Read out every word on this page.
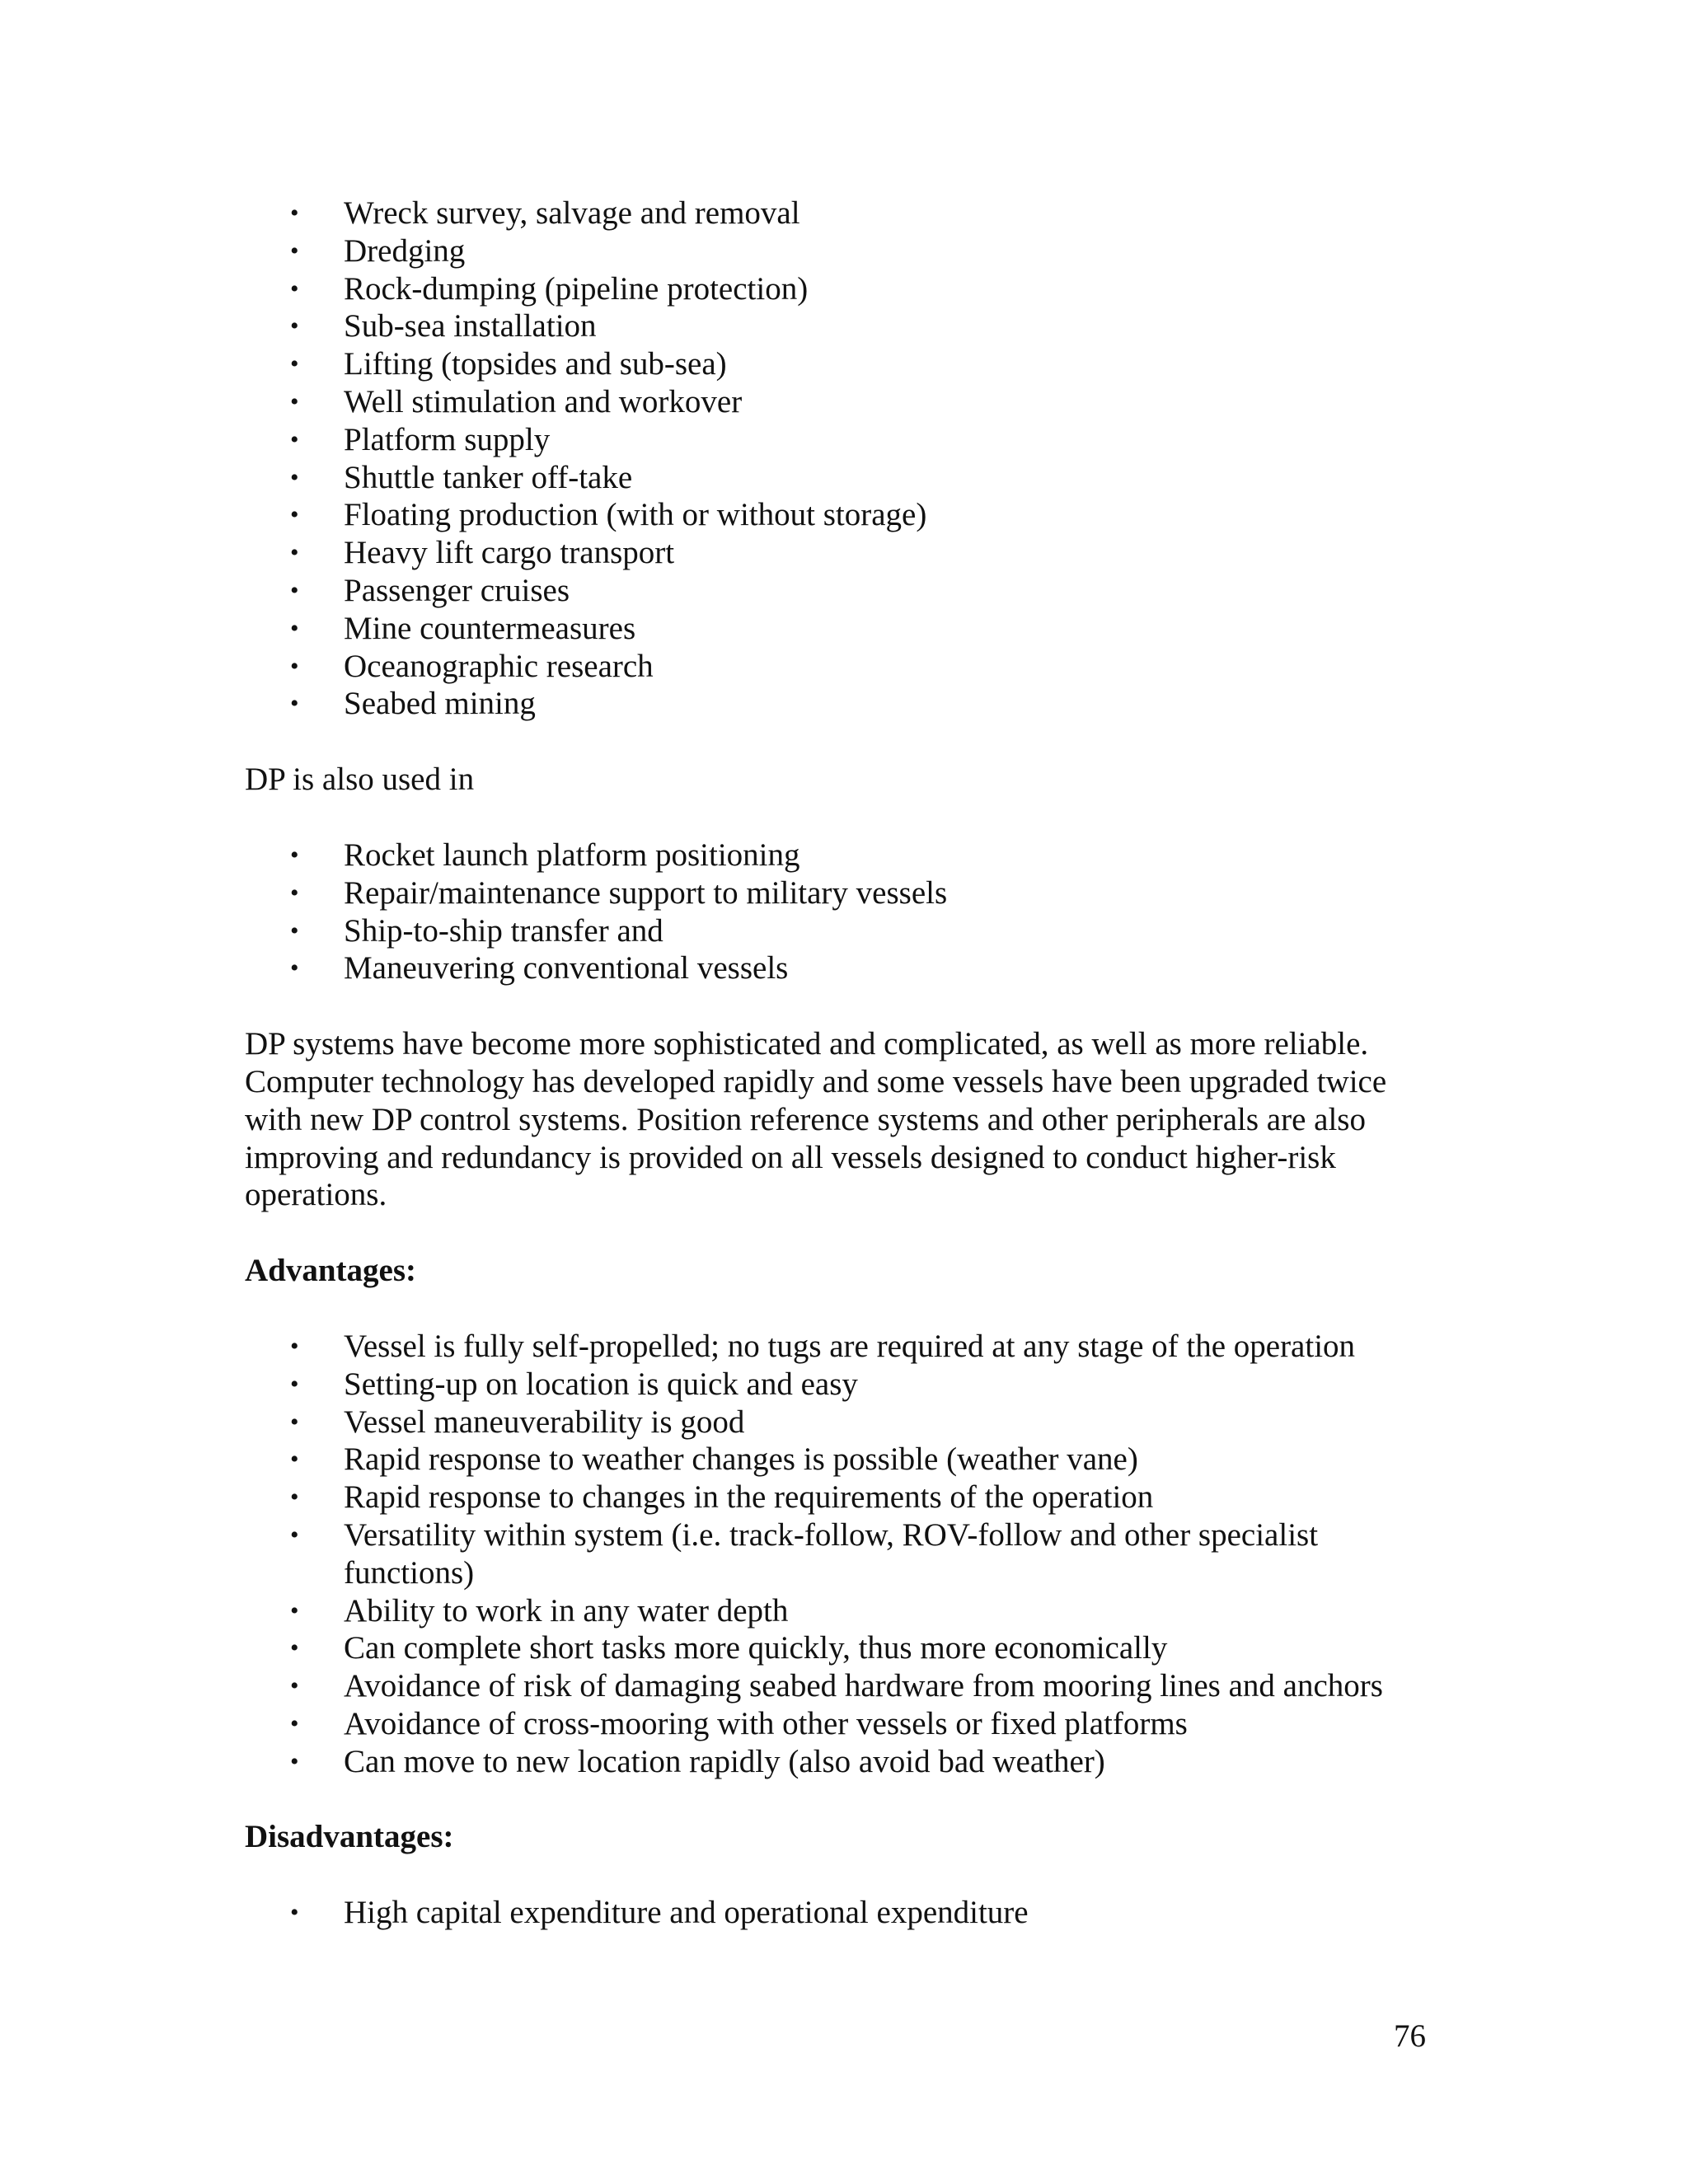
• Wreck survey, salvage and removal
• Dredging
• Rock-dumping (pipeline protection)
• Sub-sea installation
• Lifting (topsides and sub-sea)
• Well stimulation and workover
• Platform supply
• Shuttle tanker off-take
• Floating production (with or without storage)
• Heavy lift cargo transport
• Passenger cruises
• Mine countermeasures
• Oceanographic research
• Seabed mining

DP is also used in

• Rocket launch platform positioning
• Repair/maintenance support to military vessels
• Ship-to-ship transfer and
• Maneuvering conventional vessels

DP systems have become more sophisticated and complicated, as well as more reliable. Computer technology has developed rapidly and some vessels have been upgraded twice with new DP control systems. Position reference systems and other peripherals are also improving and redundancy is provided on all vessels designed to conduct higher-risk operations.

Advantages:

• Vessel is fully self-propelled; no tugs are required at any stage of the operation
• Setting-up on location is quick and easy
• Vessel maneuverability is good
• Rapid response to weather changes is possible (weather vane)
• Rapid response to changes in the requirements of the operation
• Versatility within system (i.e. track-follow, ROV-follow and other specialist functions)
• Ability to work in any water depth
• Can complete short tasks more quickly, thus more economically
• Avoidance of risk of damaging seabed hardware from mooring lines and anchors
• Avoidance of cross-mooring with other vessels or fixed platforms
• Can move to new location rapidly (also avoid bad weather)

Disadvantages:

• High capital expenditure and operational expenditure
76
